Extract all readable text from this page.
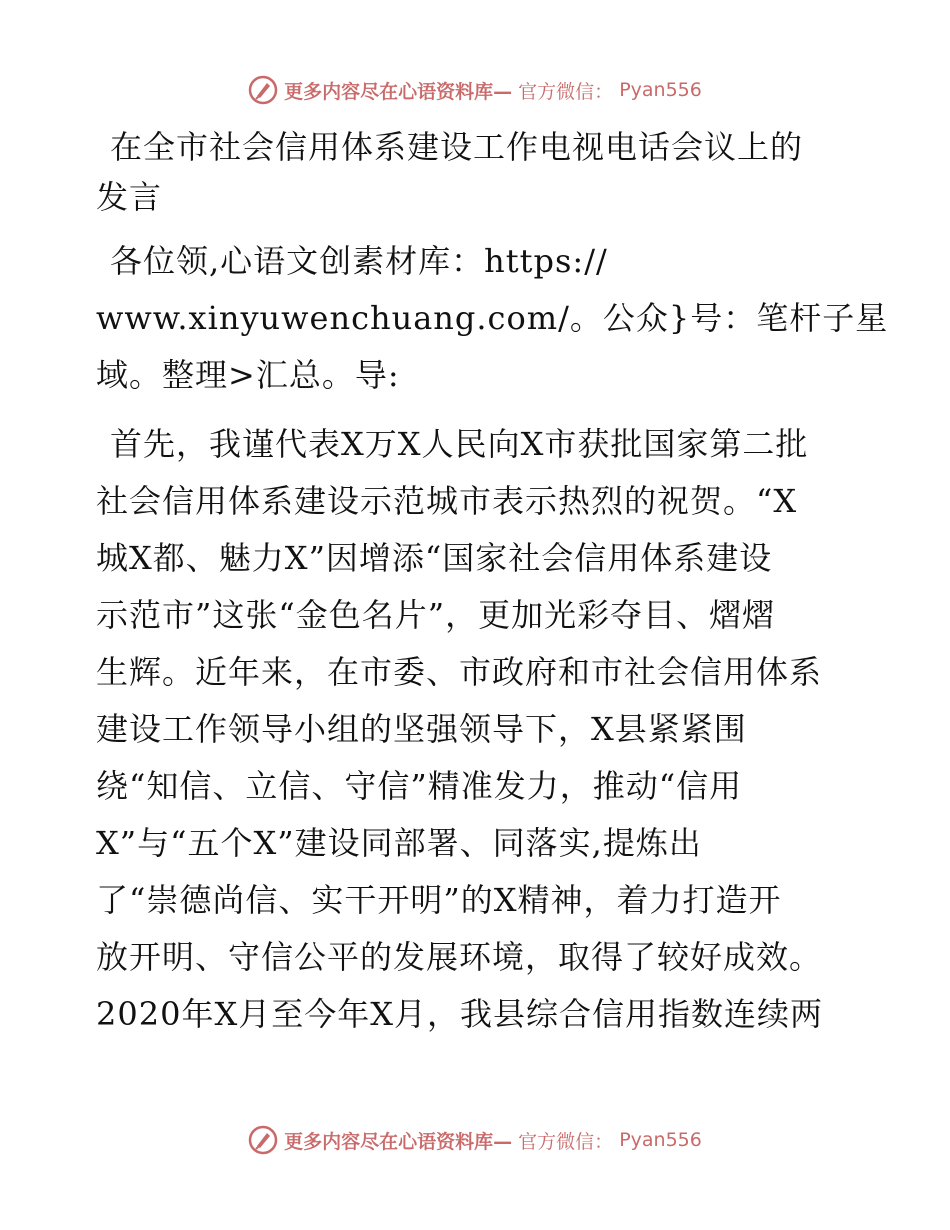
更多内容尽在心语资料库— 官方微信： Pyan556
在全市社会信用体系建设工作电视电话会议上的
发言

各位领,心语文创素材库：https://
www.xinyuwenchuang.com/。公众}号：笔杆子星
域。整理>汇总。导:

首先，我谨代表X万X人民向X市获批国家第二批
社会信用体系建设示范城市表示热烈的祝贺。“X
城X都、魅力X”因增添“国家社会信用体系建设
示范市”这张“金色名片”，更加光彩夺目、熠熠
生辉。近年来，在市委、市政府和市社会信用体系
建设工作领导小组的坚强领导下，X县紧紧围
绕“知信、立信、守信”精准发力，推动“信用
X”与“五个X”建设同部署、同落实,提炼出
了“崇德尚信、实干开明”的X精神，着力打造开
放开明、守信公平的发展环境，取得了较好成效。
2020年X月至今年X月，我县综合信用指数连续两

更多内容尽在心语资料库— 官方微信： Pyan556
